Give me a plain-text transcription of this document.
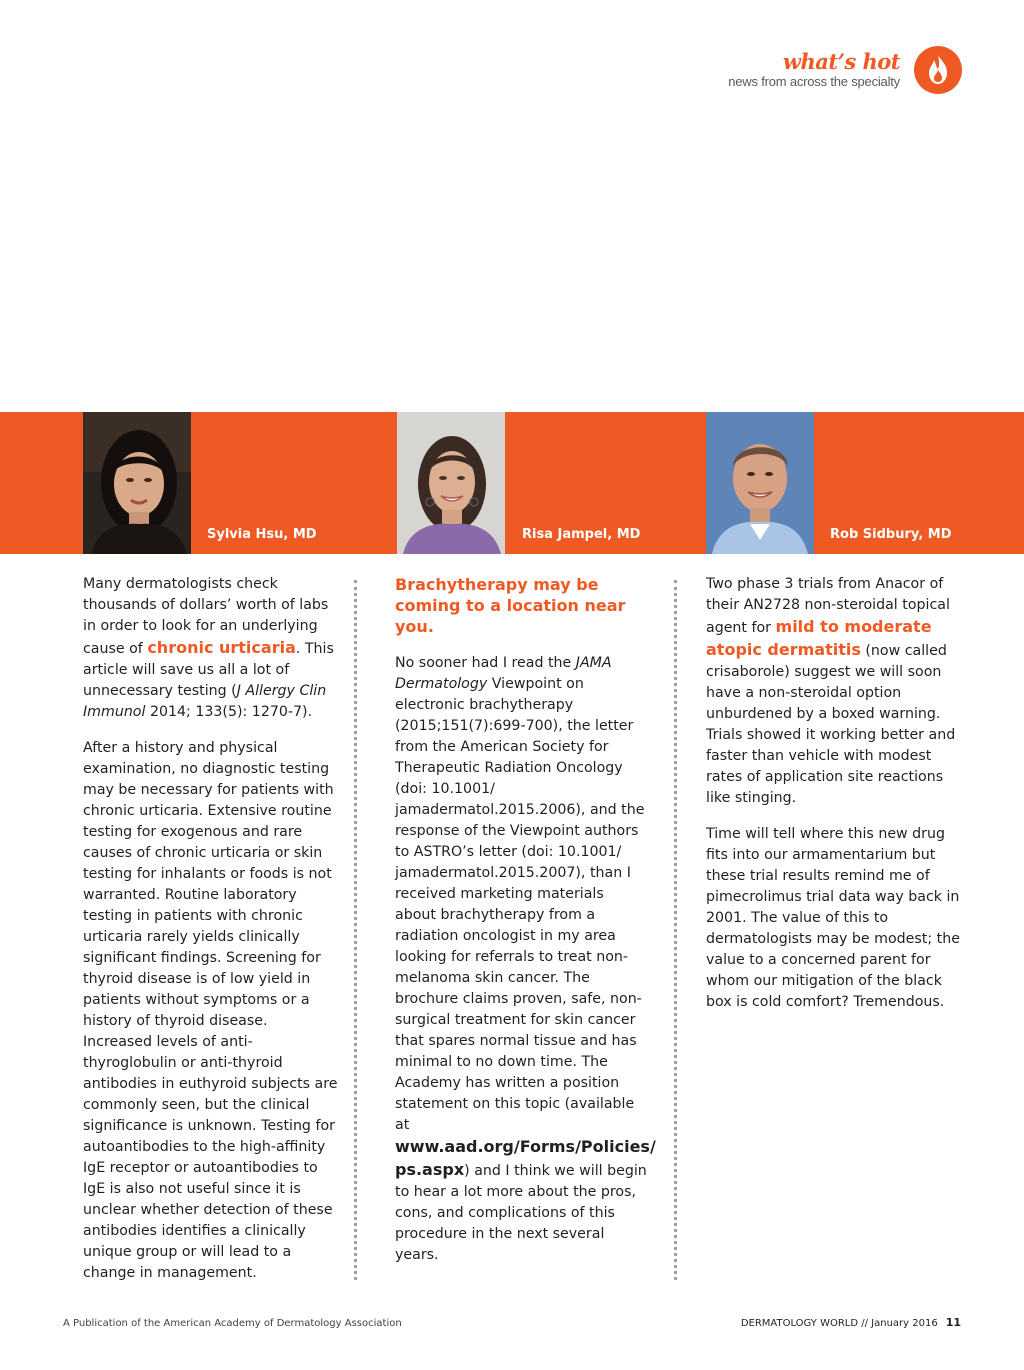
what’s hot
news from across the specialty
Sylvia Hsu, MD	Risa Jampel, MD	Rob Sidbury, MD

Many dermatologists check thousands of dollars’ worth of labs in order to look for an underlying cause of chronic urticaria. This article will save us all a lot of unnecessary testing (J Allergy Clin Immunol 2014; 133(5): 1270-7).

After a history and physical examination, no diagnostic testing may be necessary for patients with chronic urticaria. Extensive routine testing for exogenous and rare causes of chronic urticaria or skin testing for inhalants or foods is not warranted. Routine laboratory testing in patients with chronic urticaria rarely yields clinically significant findings. Screening for thyroid disease is of low yield in patients without symptoms or a history of thyroid disease. Increased levels of anti-thyroglobulin or anti-thyroid antibodies in euthyroid subjects are commonly seen, but the clinical significance is unknown. Testing for autoantibodies to the high-affinity IgE receptor or autoantibodies to IgE is also not useful since it is unclear whether detection of these antibodies identifies a clinically unique group or will lead to a change in management.

Brachytherapy may be coming to a location near you.

No sooner had I read the JAMA Dermatology Viewpoint on electronic brachytherapy (2015;151(7):699-700), the letter from the American Society for Therapeutic Radiation Oncology (doi: 10.1001/ jamadermatol.2015.2006), and the response of the Viewpoint authors to ASTRO’s letter (doi: 10.1001/ jamadermatol.2015.2007), than I received marketing materials about brachytherapy from a radiation oncologist in my area looking for referrals to treat non-melanoma skin cancer. The brochure claims proven, safe, non-surgical treatment for skin cancer that spares normal tissue and has minimal to no down time. The Academy has written a position statement on this topic (available at www.aad.org/Forms/Policies/ ps.aspx) and I think we will begin to hear a lot more about the pros, cons, and complications of this procedure in the next several years.

Two phase 3 trials from Anacor of their AN2728 non-steroidal topical agent for mild to moderate atopic dermatitis (now called crisaborole) suggest we will soon have a non-steroidal option unburdened by a boxed warning. Trials showed it working better and faster than vehicle with modest rates of application site reactions like stinging.

Time will tell where this new drug fits into our armamentarium but these trial results remind me of pimecrolimus trial data way back in 2001. The value of this to dermatologists may be modest; the value to a concerned parent for whom our mitigation of the black box is cold comfort? Tremendous.

A Publication of the American Academy of Dermatology Association	DERMATOLOGY WORLD // January 2016 11
